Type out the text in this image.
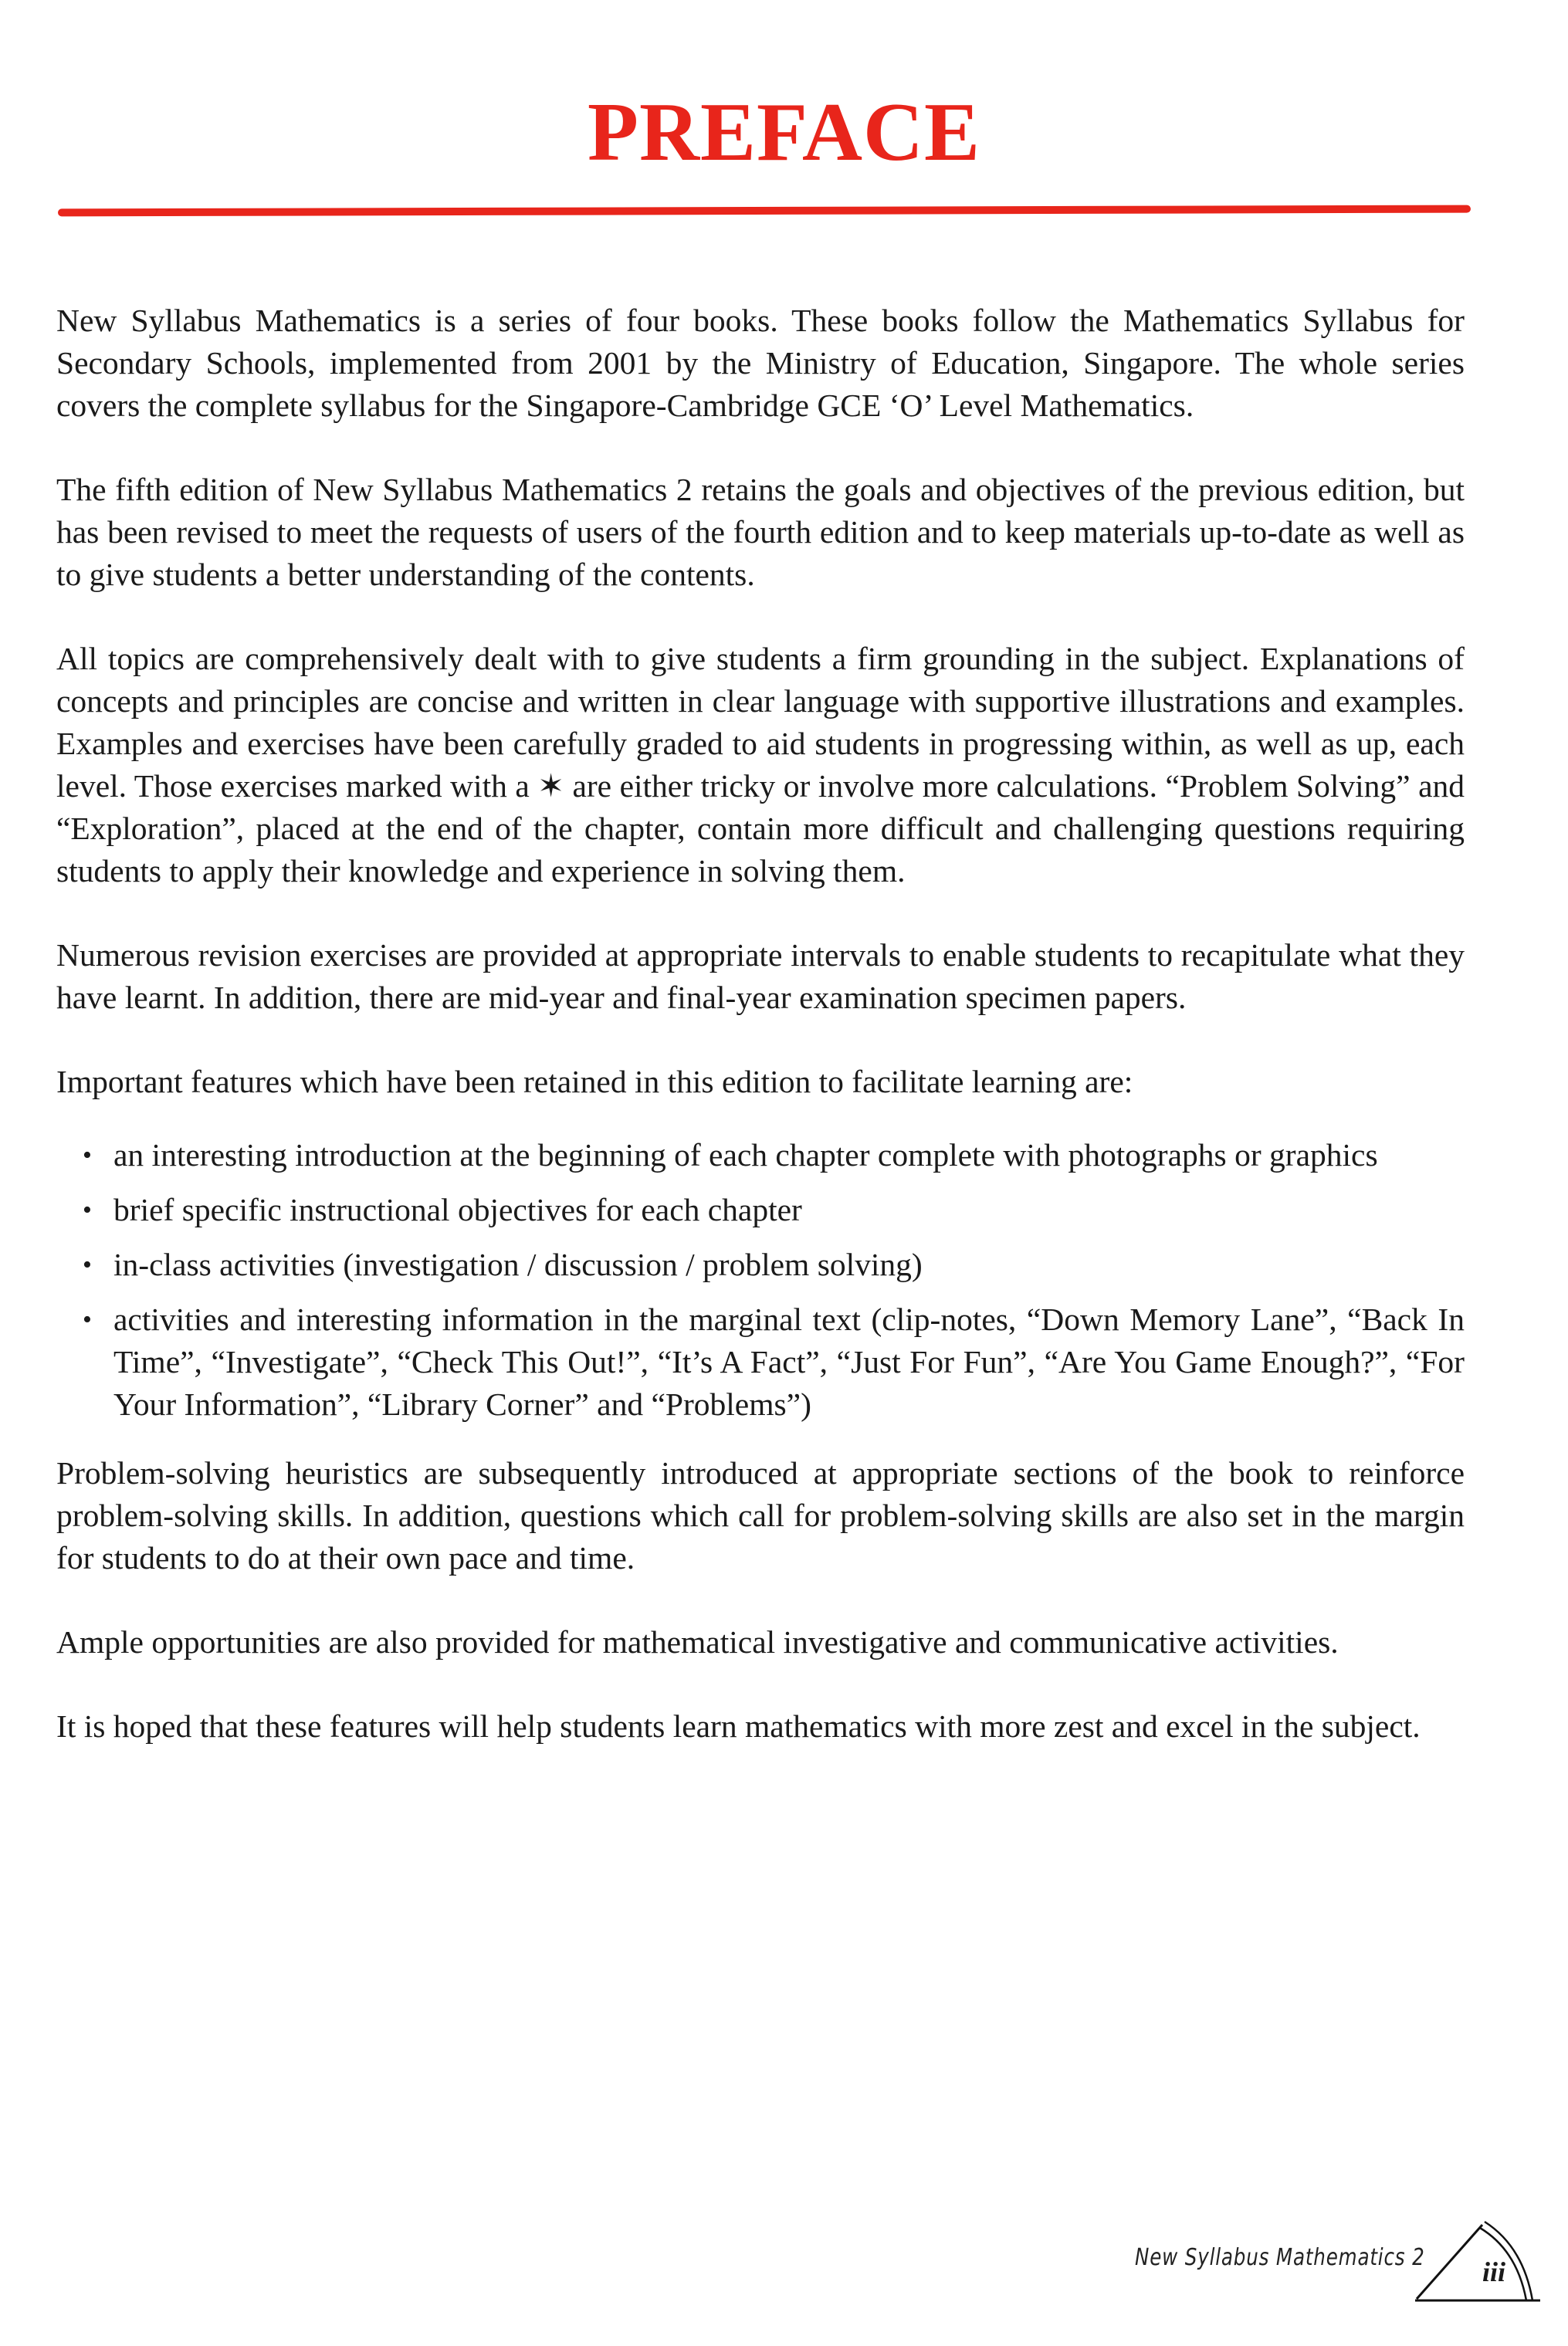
PREFACE

New Syllabus Mathematics is a series of four books. These books follow the Mathematics Syllabus for Secondary Schools, implemented from 2001 by the Ministry of Education, Singapore. The whole series covers the complete syllabus for the Singapore-Cambridge GCE ‘O’ Level Mathematics.

The fifth edition of New Syllabus Mathematics 2 retains the goals and objectives of the previous edition, but has been revised to meet the requests of users of the fourth edition and to keep materials up-to-date as well as to give students a better understanding of the contents.

All topics are comprehensively dealt with to give students a firm grounding in the subject. Explanations of concepts and principles are concise and written in clear language with supportive illustrations and examples. Examples and exercises have been carefully graded to aid students in progressing within, as well as up, each level. Those exercises marked with a ✶ are either tricky or involve more calculations. “Problem Solving” and “Exploration”, placed at the end of the chapter, contain more difficult and challenging questions requiring students to apply their knowledge and experience in solving them.

Numerous revision exercises are provided at appropriate intervals to enable students to recapitulate what they have learnt. In addition, there are mid-year and final-year examination specimen papers.

Important features which have been retained in this edition to facilitate learning are:

• an interesting introduction at the beginning of each chapter complete with photographs or graphics
• brief specific instructional objectives for each chapter
• in-class activities (investigation / discussion / problem solving)
• activities and interesting information in the marginal text (clip-notes, “Down Memory Lane”, “Back In Time”, “Investigate”, “Check This Out!”, “It’s A Fact”, “Just For Fun”, “Are You Game Enough?”, “For Your Information”, “Library Corner” and “Problems”)

Problem-solving heuristics are subsequently introduced at appropriate sections of the book to reinforce problem-solving skills. In addition, questions which call for problem-solving skills are also set in the margin for students to do at their own pace and time.

Ample opportunities are also provided for mathematical investigative and communicative activities.

It is hoped that these features will help students learn mathematics with more zest and excel in the subject.

New Syllabus Mathematics 2 iii
